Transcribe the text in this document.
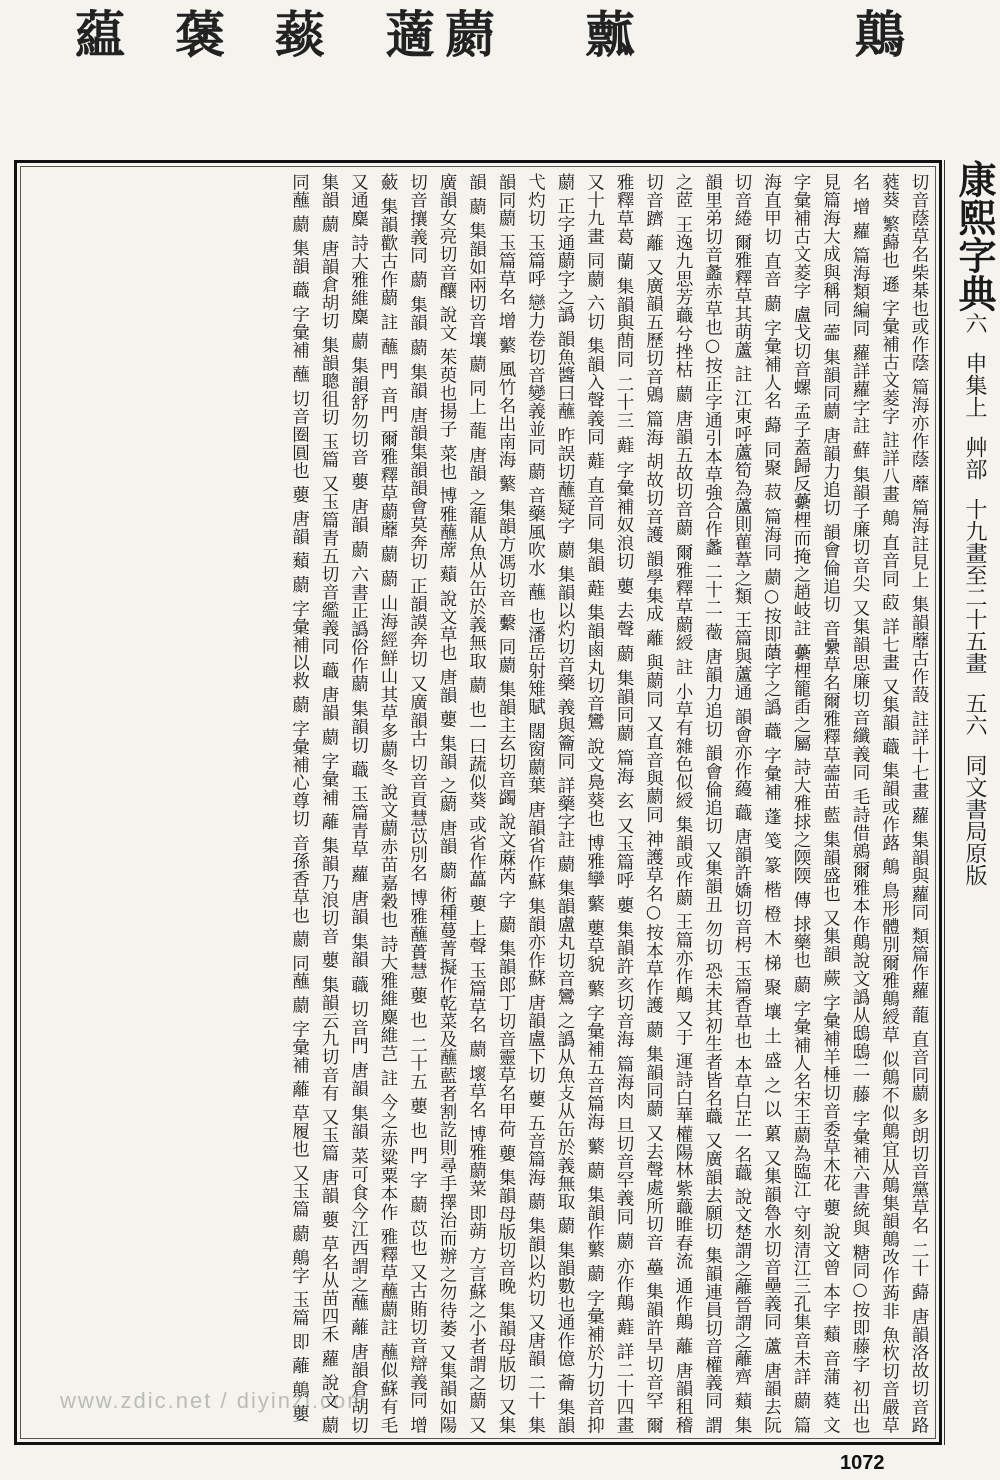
鷏
䕯
蘮
藡
䕭
藵
藴

切音蔭草名柴棊也或作蔭 篇海亦作蔭 蘼 篇海註見上 集韻蘼古作蔎 註詳十七畫 蘿 集韻與蘿同 類篇作蘿 蘢 直音同蘮 多朗切音黨草名 二十 蘬 唐韻洛故切音路 蕤葵 繁蘬也 遜 字彙補古文菱字 註詳八畫 鷏 直音同 菣 詳七畫 又集韻 蘵 集韻或作蕗 鷏 鳥形體別爾雅鷏綬草 似鷏不似鷏宜从鷏集韻鷏改作蒟非 魚杴切音嚴草名 增 蘿 篇海類編同 蘿詳蘿字註 蘚 集韻子廉切音尖 又集韻思廉切音纖義同 毛詩借鶁爾雅本作鷏說文譌从鴟鴟二 藤 字彙補六書統與 糖同○按即藤字 初出也見篇海大成與稱同 蘦 集韻同蘮 唐韻力追切 韻會倫追切 音纍草名爾雅釋草蘦苗 藍 集韻盛也 又集韻 蕨 字彙補羊棰切音委草木花 蘡 說文曾 本字 蘱 音蒲 蕤 文 字彙補古文菱字 盧戈切音螺 孟子蓋歸反虆梩而掩之趙岐註 虆梩籠臿之屬 詩大雅捄之陾陾 傳 捄藥也 蘮 字彙補人名宋王蘮為臨江 守刻清江三孔集音未詳 蘮 篇海直甲切 直音 蘮 字彙補人名 蘬 同聚 菽 篇海同 蘮○按即藬字之譌 蘵 字彙補 蓬 笺 篆 楷 橙 木 梯 聚 壤 土 盛 之 以 蔂 又集韻魯水切音壘義同 蘆 唐韻去阮切音綣 爾雅釋草其萌蘆 註 江東呼蘆筍為蘆則雚葦之類 王篇與蘆通 韻會亦作蘰 蘵 唐韻許嬌切音枵 玉篇香草也 本草白芷一名蘵 說文楚謂之蘺晉謂之蘺齊 蘱 集韻里弟切音蠡赤草也○按正字通引本草強合作蠡 二十二 藢 唐韻力追切 韻會倫追切 又集韻丑 勿切 恐未其初生者皆名蘵 又廣韻去願切 集韻連員切音權義同 謂之茝 王逸九思芳蘵兮挫枯 蘮 唐韻五故切音蘮 爾雅釋草蘮綬 註 小草有雜色似綬 集韻或作蘮 王篇亦作鷏 又于 運詩白華權陽林紫蘵睢春流 通作鷏 蘺 唐韻租稽切音躋 蘺 又廣韻五歷切音鶂 篇海 胡故切音護 韻學集成 蘺 與蘮同 又直音與蘮同 神護草名○按本草作護 蘮 集韻同蘮 又去聲處所切音 蘲 集韻許旱切音罕 爾雅釋草葛 蘭 集韻與蔄同 二十三 蘳 字彙補奴浪切 蘡 去聲 蘮 集韻同蘮 篇海 玄 又玉篇呼 蘡 集韻許亥切音海 篇海肉 旦切音罕義同 蘮 亦作鷏 蘳 詳二十四畫 又十九畫 同蘮 六切 集韻入聲義同 蘳 直音同 集韻 蘳 集韻鹵丸切音鸞 說文鳧葵也 博雅攣 蘩 蘡草貌 蘩 字彙補五音篇海 蘩 蘮 集韻作蘩 蘮 字彙補於力切音抑 蘮 正字通蘮字之譌 韻魚醬曰蘸 昨誤切蘸疑字 蘮 集韻以灼切音藥 義與籥同 詳藥字註 蘮 集韻盧丸切音鸞 之譌从魚攴从缶於義無取 蘮 集韻數也通作億 蘥 集韻弋灼切 玉篇呼 戀力卷切音變義並同 蘮 音藥風吹水 蘸 也潘岳射雉賦 闊窗蘮葉 唐韻省作蘇 集韻亦作蘇 唐韻盧下切 蘡 五音篇海 蘮 集韻以灼切 又唐韻 二十 集韻同蘮 玉篇草名 增 蘩 風竹名出南海 蘩 集韻方馮切音 蘻 同蘮 集韻主玄切音蠲 說文蔴芮 字 蘮 集韻郎丁切音靈草名甲荷 蘡 集韻母版切音晚 集韻母版切 又集韻 蘮 集韻如兩切音壤 蘮 同上 蘢 唐韻 之蘢从魚从缶於義無取 蘮 也一曰蔬似葵 或省作藟 蘡 上聲 玉篇草名 蘮 壞草名 博雅蘮菜 即蒴 方言蘇之小者謂之蘮 又廣韻女亮切音釀 說文 茱萸也揚子 菜也 博雅蘸蓆 蘱 說文草也 唐韻 蘡 集韻 之蘮 唐韻 蘮 術種蔓菁擬作乾菜及蘸藍者割訖則尋手擇治而辦之勿待萎 又集韻如陽切音攘義同 蘮 集韻 蘮 集韻 唐韻集韻韻會莫奔切 正韻謨奔切 又廣韻古 切音貢慧苡別名 博雅蘸蕢慧 蘡 也 二十五 蘡 也 門 字 蘮 苡也 又古賄切音辯義同 增 蘞 集韻歡古作蘮 註 蘸 門 音門 爾雅釋草蘮蘼 蘮 蘮 山海經鮮山其草多蘮冬 說文蘮赤苗嘉穀也 詩大雅維麋維芑 註 今之赤粱粟本作 雅釋草蘸蘮註 蘸似蘇有毛 又通麋 詩大雅維麋 蘮 集韻舒勿切音 蘡 唐韻 蘮 六書正譌俗作蘮 集韻切 蘵 玉篇青草 蘿 唐韻 集韻 蘵 切音門 唐韻 集韻 菜可食今江西謂之蘸 蘺 唐韻倉胡切 集韻 蘮 唐韻倉胡切 集韻聰徂切 玉篇 又玉篇青五切音繿義同 蘵 唐韻 蘮 字彙補 蘺 集韻乃浪切音 蘡 集韻云九切音有 又玉篇 唐韻 蘡 草名从苗四禾 蘿 說文 蘮 同蘸 蘮 集韻 蘵 字彙補 蘸 切音圈圓也 蘡 唐韻 蘱 蘮 字彙補以救 蘮 字彙補心尊切 音孫香草也 蘮 同蘸 蘮 字彙補 蘺 草履也 又玉篇 蘮 鷏字 玉篇 即 蘺 鷏 蘡	康熙字典六申集上艸部十九畫至二十五畫五六同文書局原版
www.zdic.net / diyinzi.com
1072
